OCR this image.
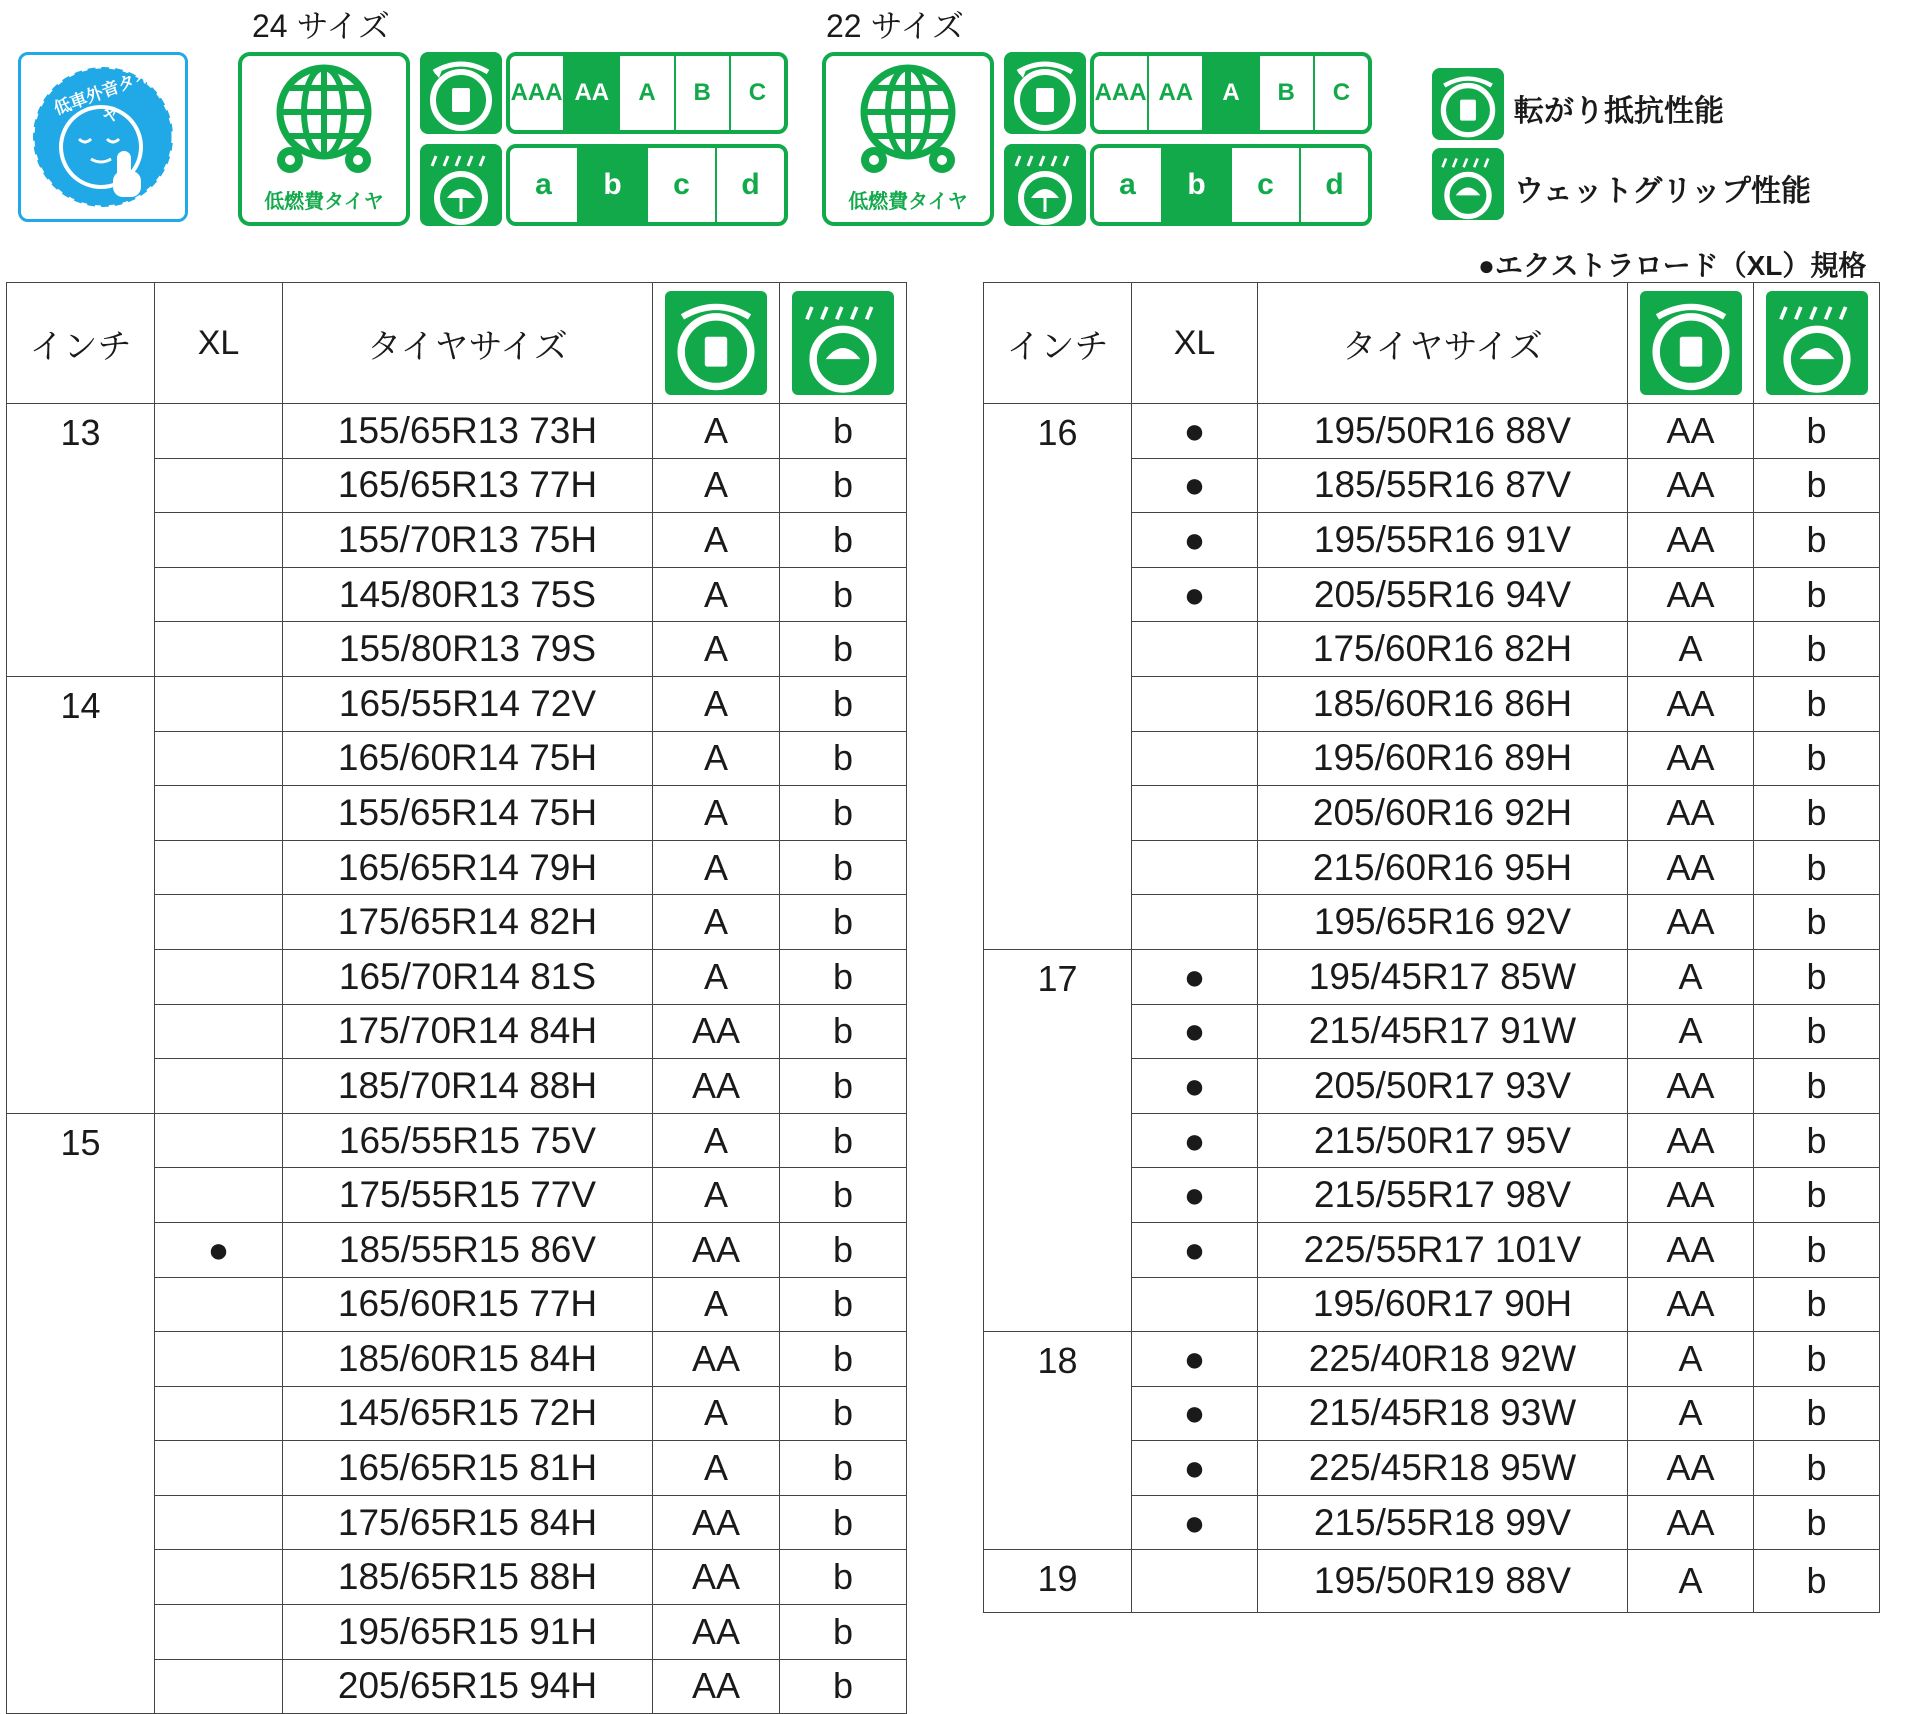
低車外音タイヤ
24 サイズ
低燃費タイヤ
AAA AA	A	B	C
a	b	c	d
22 サイズ
低燃費タイヤ
AAA AA	A	B	C
a	b	c	d
転がり抵抗性能
ウェットグリップ性能
●エクストラロード（XL）規格
インチ	XL	タイヤサイズ	

13		155/65R13 73H	A	b
		165/65R13 77H	A	b
		155/70R13 75H	A	b
		145/80R13 75S	A	b
		155/80R13 79S	A	b
14		165/55R14 72V	A	b
		165/60R14 75H	A	b
		155/65R14 75H	A	b
		165/65R14 79H	A	b
		175/65R14 82H	A	b
		165/70R14 81S	A	b
		175/70R14 84H	AA	b
		185/70R14 88H	AA	b
15		165/55R15 75V	A	b
		175/55R15 77V	A	b
	●	185/55R15 86V	AA	b
		165/60R15 77H	A	b
		185/60R15 84H	AA	b
		145/65R15 72H	A	b
		165/65R15 81H	A	b
		175/65R15 84H	AA	b
		185/65R15 88H	AA	b
		195/65R15 91H	AA	b
		205/65R15 94H	AA	b
インチ	XL	タイヤサイズ	

16	●	195/50R16 88V	AA	b
	●	185/55R16 87V	AA	b
	●	195/55R16 91V	AA	b
	●	205/55R16 94V	AA	b
		175/60R16 82H	A	b
		185/60R16 86H	AA	b
		195/60R16 89H	AA	b
		205/60R16 92H	AA	b
		215/60R16 95H	AA	b
		195/65R16 92V	AA	b
17	●	195/45R17 85W	A	b
	●	215/45R17 91W	A	b
	●	205/50R17 93V	AA	b
	●	215/50R17 95V	AA	b
	●	215/55R17 98V	AA	b
	●	225/55R17 101V	AA	b
		195/60R17 90H	AA	b
18	●	225/40R18 92W	A	b
	●	215/45R18 93W	A	b
	●	225/45R18 95W	AA	b
	●	215/55R18 99V	AA	b
19		195/50R19 88V	A	b
